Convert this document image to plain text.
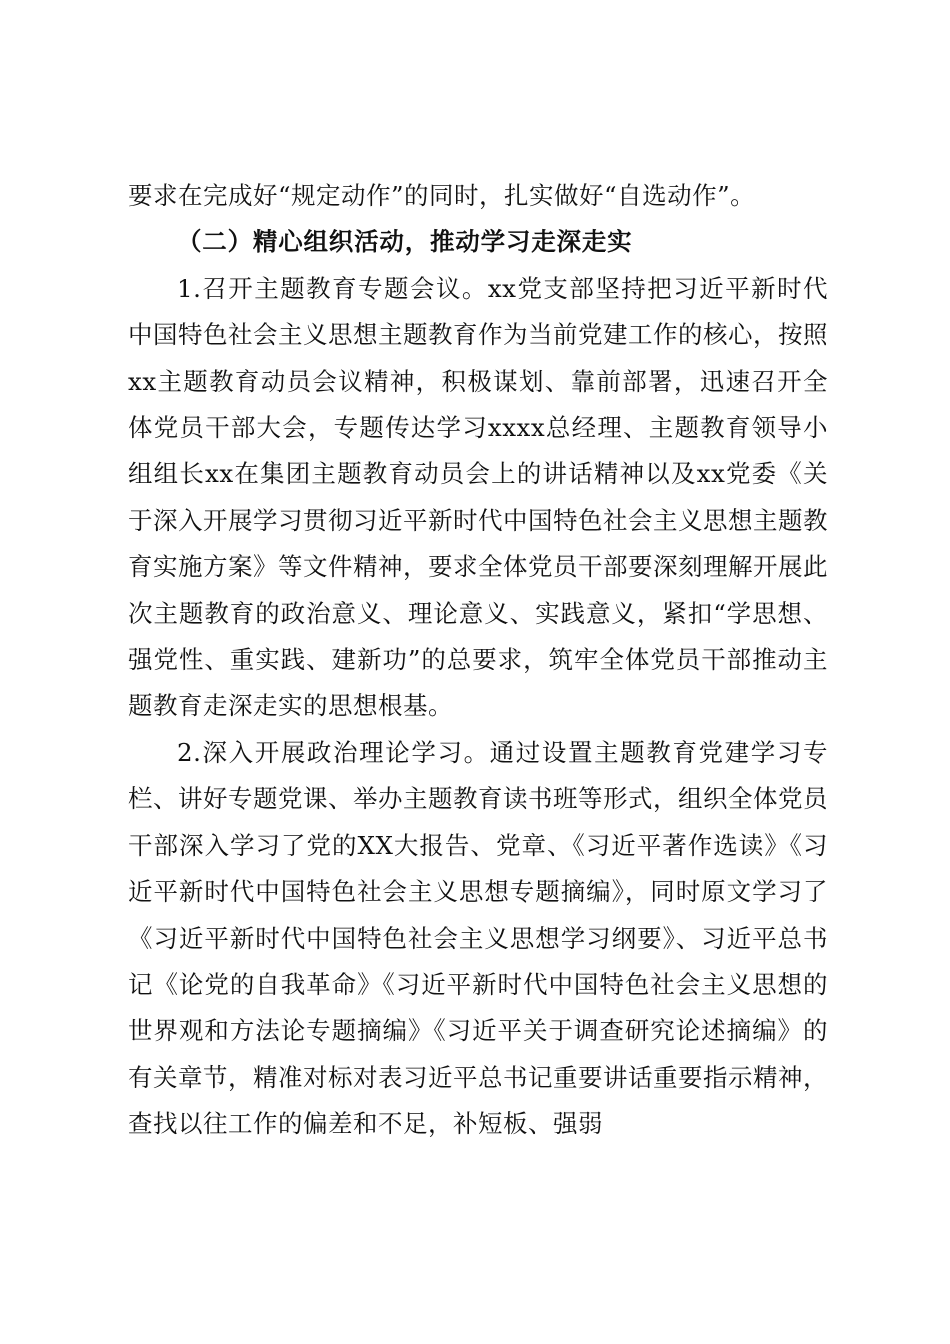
要求在完成好“规定动作”的同时，扎实做好“自选动作”。

（二）精心组织活动，推动学习走深走实

1.召开主题教育专题会议。xx党支部坚持把习近平新时代中国特色社会主义思想主题教育作为当前党建工作的核心，按照xx主题教育动员会议精神，积极谋划、靠前部署，迅速召开全体党员干部大会，专题传达学习xxxx总经理、主题教育领导小组组长xx在集团主题教育动员会上的讲话精神以及xx党委《关于深入开展学习贯彻习近平新时代中国特色社会主义思想主题教育实施方案》等文件精神，要求全体党员干部要深刻理解开展此次主题教育的政治意义、理论意义、实践意义，紧扣“学思想、强党性、重实践、建新功”的总要求，筑牢全体党员干部推动主题教育走深走实的思想根基。

2.深入开展政治理论学习。通过设置主题教育党建学习专栏、讲好专题党课、举办主题教育读书班等形式，组织全体党员干部深入学习了党的XX大报告、党章、《习近平著作选读》《习近平新时代中国特色社会主义思想专题摘编》，同时原文学习了《习近平新时代中国特色社会主义思想学习纲要》、习近平总书记《论党的自我革命》《习近平新时代中国特色社会主义思想的世界观和方法论专题摘编》《习近平关于调查研究论述摘编》的有关章节，精准对标对表习近平总书记重要讲话重要指示精神，查找以往工作的偏差和不足，补短板、强弱
